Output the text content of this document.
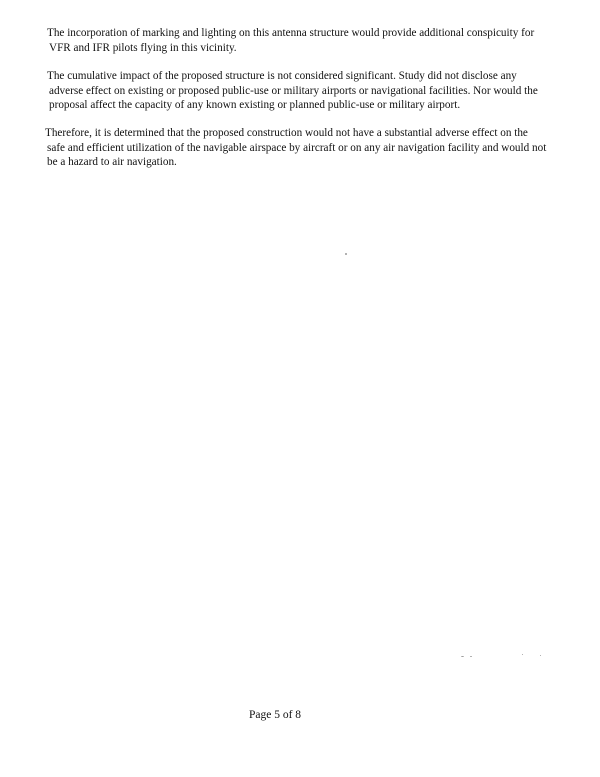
The incorporation of marking and lighting on this antenna structure would provide additional conspicuity for
VFR and IFR pilots flying in this vicinity.

The cumulative impact of the proposed structure is not considered significant. Study did not disclose any
adverse effect on existing or proposed public-use or military airports or navigational facilities. Nor would the
proposal affect the capacity of any known existing or planned public-use or military airport.

Therefore, it is determined that the proposed construction would not have a substantial adverse effect on the
safe and efficient utilization of the navigable airspace by aircraft or on any air navigation facility and would not
be a hazard to air navigation.

Page 5 of 8
